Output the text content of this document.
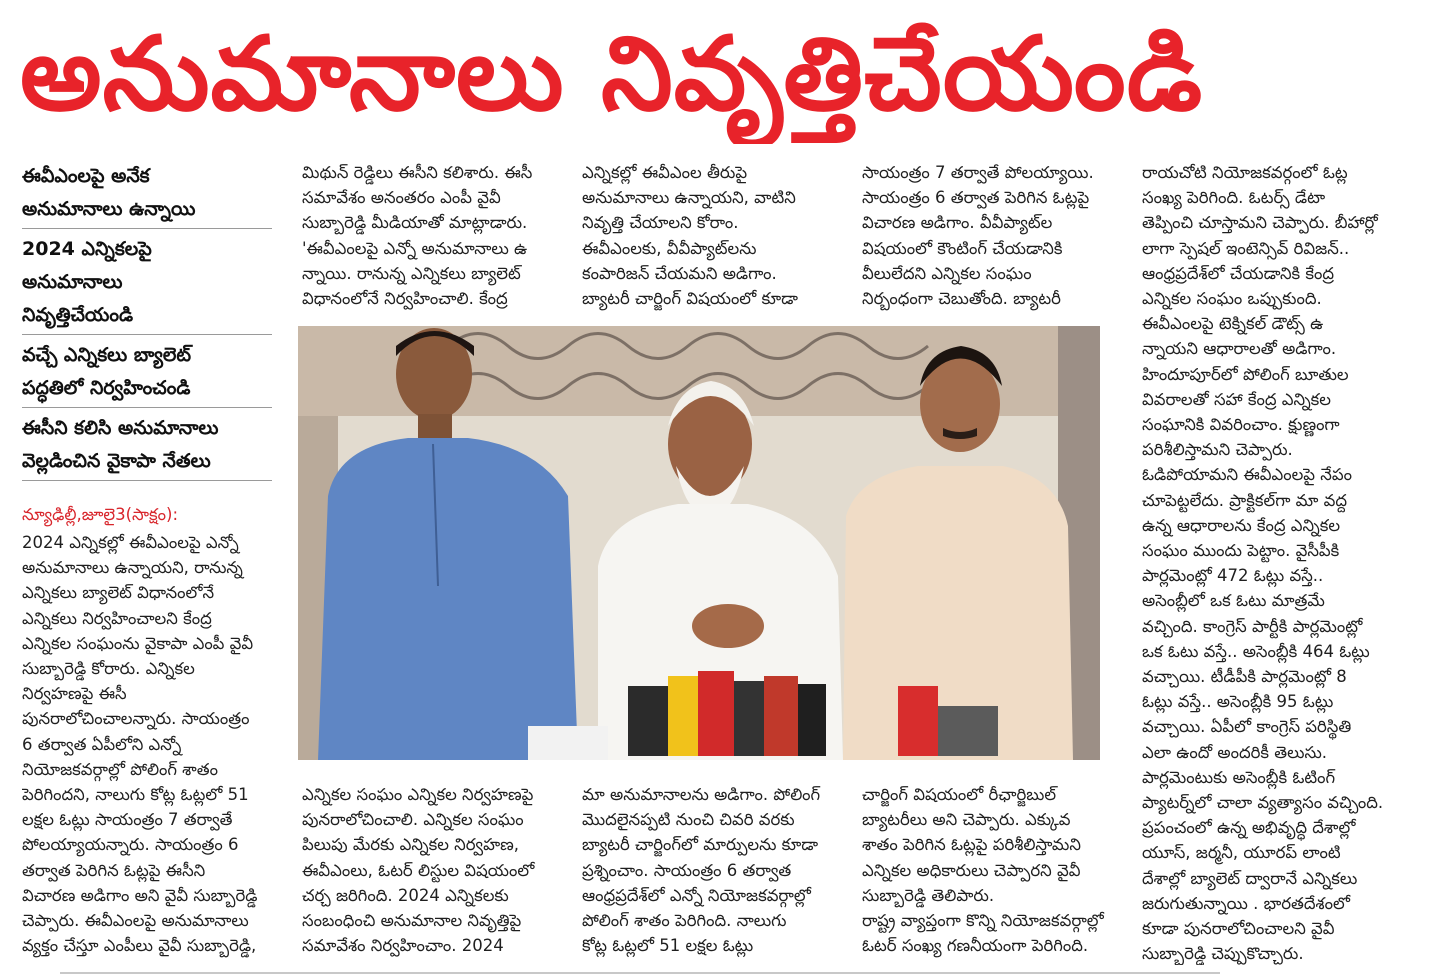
అనుమానాలు నివృత్తిచేయండి

ఈవీఎంలపై అనేక

అనుమానాలు ఉన్నాయి

2024 ఎన్నికలపై

అనుమానాలు

నివృత్తిచేయండి

వచ్చే ఎన్నికలు బ్యాలెట్

పద్ధతిలో నిర్వహించండి

ఈసీని కలిసి అనుమానాలు

వెల్లడించిన వైకాపా నేతలు

న్యూఢిల్లీ,జూలై3(సాక్షం):

2024 ఎన్నికల్లో ఈవీఎంలపై ఎన్నో

అనుమానాలు ఉన్నాయని, రానున్న

ఎన్నికలు బ్యాలెట్ విధానంలోనే

ఎన్నికలు నిర్వహించాలని కేంద్ర

ఎన్నికల సంఘంను వైకాపా ఎంపీ వైవీ

సుబ్బారెడ్డి కోరారు. ఎన్నికల

నిర్వహణపై ఈసీ

పునరాలోచించాలన్నారు. సాయంత్రం

6 తర్వాత ఏపీలోని ఎన్నో

నియోజకవర్గాల్లో పోలింగ్ శాతం

పెరిగిందని, నాలుగు కోట్ల ఓట్లలో 51

లక్షల ఓట్లు సాయంత్రం 7 తర్వాతే

పోలయ్యాయన్నారు. సాయంత్రం 6

తర్వాత పెరిగిన ఓట్లపై ఈసీని

విచారణ అడిగాం అని వైవీ సుబ్బారెడ్డి

చెప్పారు. ఈవీఎంలపై అనుమానాలు

వ్యక్తం చేస్తూ ఎంపీలు వైవీ సుబ్బారెడ్డి,

మిథున్ రెడ్డిలు ఈసీని కలిశారు. ఈసీ

సమావేశం అనంతరం ఎంపీ వైవీ

సుబ్బారెడ్డి మీడియాతో మాట్లాడారు.

'ఈవీఎంలపై ఎన్నో అనుమానాలు ఉ

న్నాయి. రానున్న ఎన్నికలు బ్యాలెట్

విధానంలోనే నిర్వహించాలి. కేంద్ర

ఎన్నికల్లో ఈవీఎంల తీరుపై

అనుమానాలు ఉన్నాయని, వాటిని

నివృత్తి చేయాలని కోరాం.

ఈవీఎంలకు, వీవీప్యాట్‌లను

కంపారిజన్ చేయమని అడిగాం.

బ్యాటరీ చార్జింగ్ విషయంలో కూడా

సాయంత్రం 7 తర్వాతే పోలయ్యాయి.

సాయంత్రం 6 తర్వాత పెరిగిన ఓట్లపై

విచారణ అడిగాం. వీవీప్యాట్‌ల

విషయంలో కౌంటింగ్ చేయడానికి

వీలులేదని ఎన్నికల సంఘం

నిర్బంధంగా చెబుతోంది. బ్యాటరీ

ఎన్నికల సంఘం ఎన్నికల నిర్వహణపై

పునరాలోచించాలి. ఎన్నికల సంఘం

పిలుపు మేరకు ఎన్నికల నిర్వహణ,

ఈవీఎంలు, ఓటర్ లిస్టుల విషయంలో

చర్చ జరిగింది. 2024 ఎన్నికలకు

సంబంధించి అనుమానాల నివృత్తిపై

సమావేశం నిర్వహించాం. 2024

మా అనుమానాలను అడిగాం. పోలింగ్

మొదలైనప్పటి నుంచి చివరి వరకు

బ్యాటరీ చార్జింగ్‌లో మార్పులను కూడా

ప్రశ్నించాం. సాయంత్రం 6 తర్వాత

ఆంధ్రప్రదేశ్‌లో ఎన్నో నియోజకవర్గాల్లో

పోలింగ్ శాతం పెరిగింది. నాలుగు

కోట్ల ఓట్లలో 51 లక్షల ఓట్లు

చార్జింగ్ విషయంలో రీఛార్జిబుల్

బ్యాటరీలు అని చెప్పారు. ఎక్కువ

శాతం పెరిగిన ఓట్లపై పరిశీలిస్తామని

ఎన్నికల అధికారులు చెప్పారని వైవీ

సుబ్బారెడ్డి తెలిపారు.

రాష్ట్ర వ్యాప్తంగా కొన్ని నియోజకవర్గాల్లో

ఓటర్ సంఖ్య గణనీయంగా పెరిగింది.

రాయచోటి నియోజకవర్గంలో ఓట్ల

సంఖ్య పెరిగింది. ఓటర్స్ డేటా

తెప్పించి చూస్తామని చెప్పారు. బీహార్లో

లాగా స్పెషల్ ఇంటెన్సివ్ రివిజన్..

ఆంధ్రప్రదేశ్‌లో చేయడానికి కేంద్ర

ఎన్నికల సంఘం ఒప్పుకుంది.

ఈవీఎంలపై టెక్నికల్ డౌట్స్ ఉ

న్నాయని ఆధారాలతో అడిగాం.

హిందూపూర్‌లో పోలింగ్ బూతుల

వివరాలతో సహా కేంద్ర ఎన్నికల

సంఘానికి వివరించాం. క్షుణ్ణంగా

పరిశీలిస్తామని చెప్పారు.

ఓడిపోయామని ఈవీఎంలపై నేపం

చూపెట్టలేదు. ప్రాక్టికల్‌గా మా వద్ద

ఉన్న ఆధారాలను కేంద్ర ఎన్నికల

సంఘం ముందు పెట్టాం. వైసీపీకి

పార్లమెంట్లో 472 ఓట్లు వస్తే..

అసెంబ్లీలో ఒక ఓటు మాత్రమే

వచ్చింది. కాంగ్రెస్ పార్టీకి పార్లమెంట్లో

ఒక ఓటు వస్తే.. అసెంబ్లీకి 464 ఓట్లు

వచ్చాయి. టీడీపీకి పార్లమెంట్లో 8

ఓట్లు వస్తే.. అసెంబ్లీకి 95 ఓట్లు

వచ్చాయి. ఏపీలో కాంగ్రెస్ పరిస్థితి

ఎలా ఉందో అందరికీ తెలుసు.

పార్లమెంటుకు అసెంబ్లీకి ఓటింగ్

ప్యాటర్న్‌లో చాలా వ్యత్యాసం వచ్చింది.

ప్రపంచంలో ఉన్న అభివృద్ధి దేశాల్లో

యూస్, జర్మనీ, యూరప్ లాంటి

దేశాల్లో బ్యాలెట్ ద్వారానే ఎన్నికలు

జరుగుతున్నాయి . భారతదేశంలో

కూడా పునరాలోచించాలని వైవీ

సుబ్బారెడ్డి చెప్పుకొచ్చారు.
